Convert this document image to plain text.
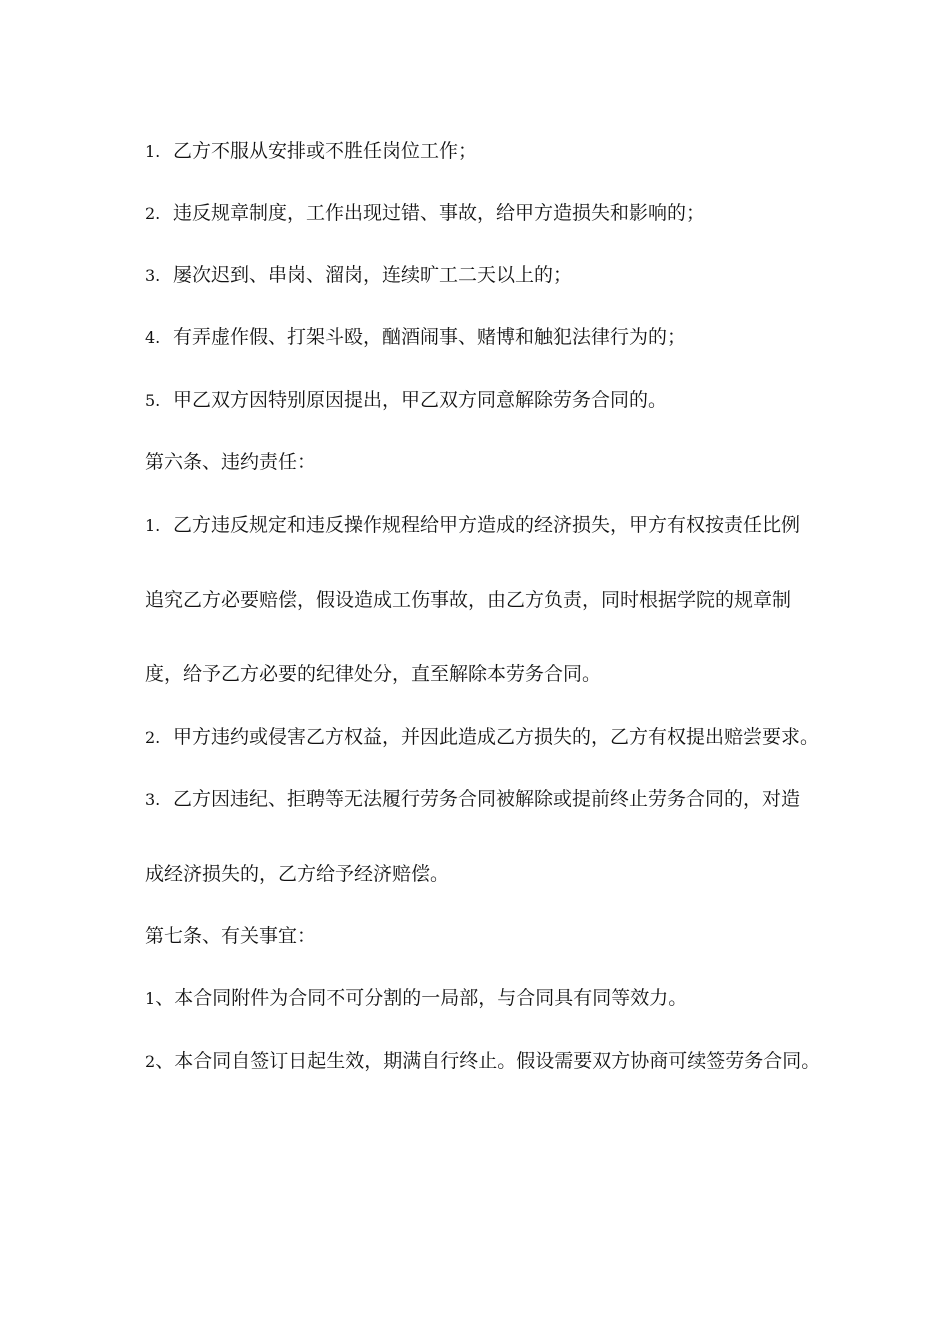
1. 乙方不服从安排或不胜任岗位工作；
2. 违反规章制度，工作出现过错、事故，给甲方造损失和影响的；
3. 屡次迟到、串岗、溜岗，连续旷工二天以上的；
4. 有弄虚作假、打架斗殴，酗酒闹事、赌博和触犯法律行为的；
5. 甲乙双方因特别原因提出，甲乙双方同意解除劳务合同的。
第六条、违约责任：
1. 乙方违反规定和违反操作规程给甲方造成的经济损失，甲方有权按责任比例
追究乙方必要赔偿，假设造成工伤事故，由乙方负责，同时根据学院的规章制
度，给予乙方必要的纪律处分，直至解除本劳务合同。
2. 甲方违约或侵害乙方权益，并因此造成乙方损失的，乙方有权提出赔尝要求。
3. 乙方因违纪、拒聘等无法履行劳务合同被解除或提前终止劳务合同的，对造
成经济损失的，乙方给予经济赔偿。
第七条、有关事宜：
1、本合同附件为合同不可分割的一局部，与合同具有同等效力。
2、本合同自签订日起生效，期满自行终止。假设需要双方协商可续签劳务合同。
